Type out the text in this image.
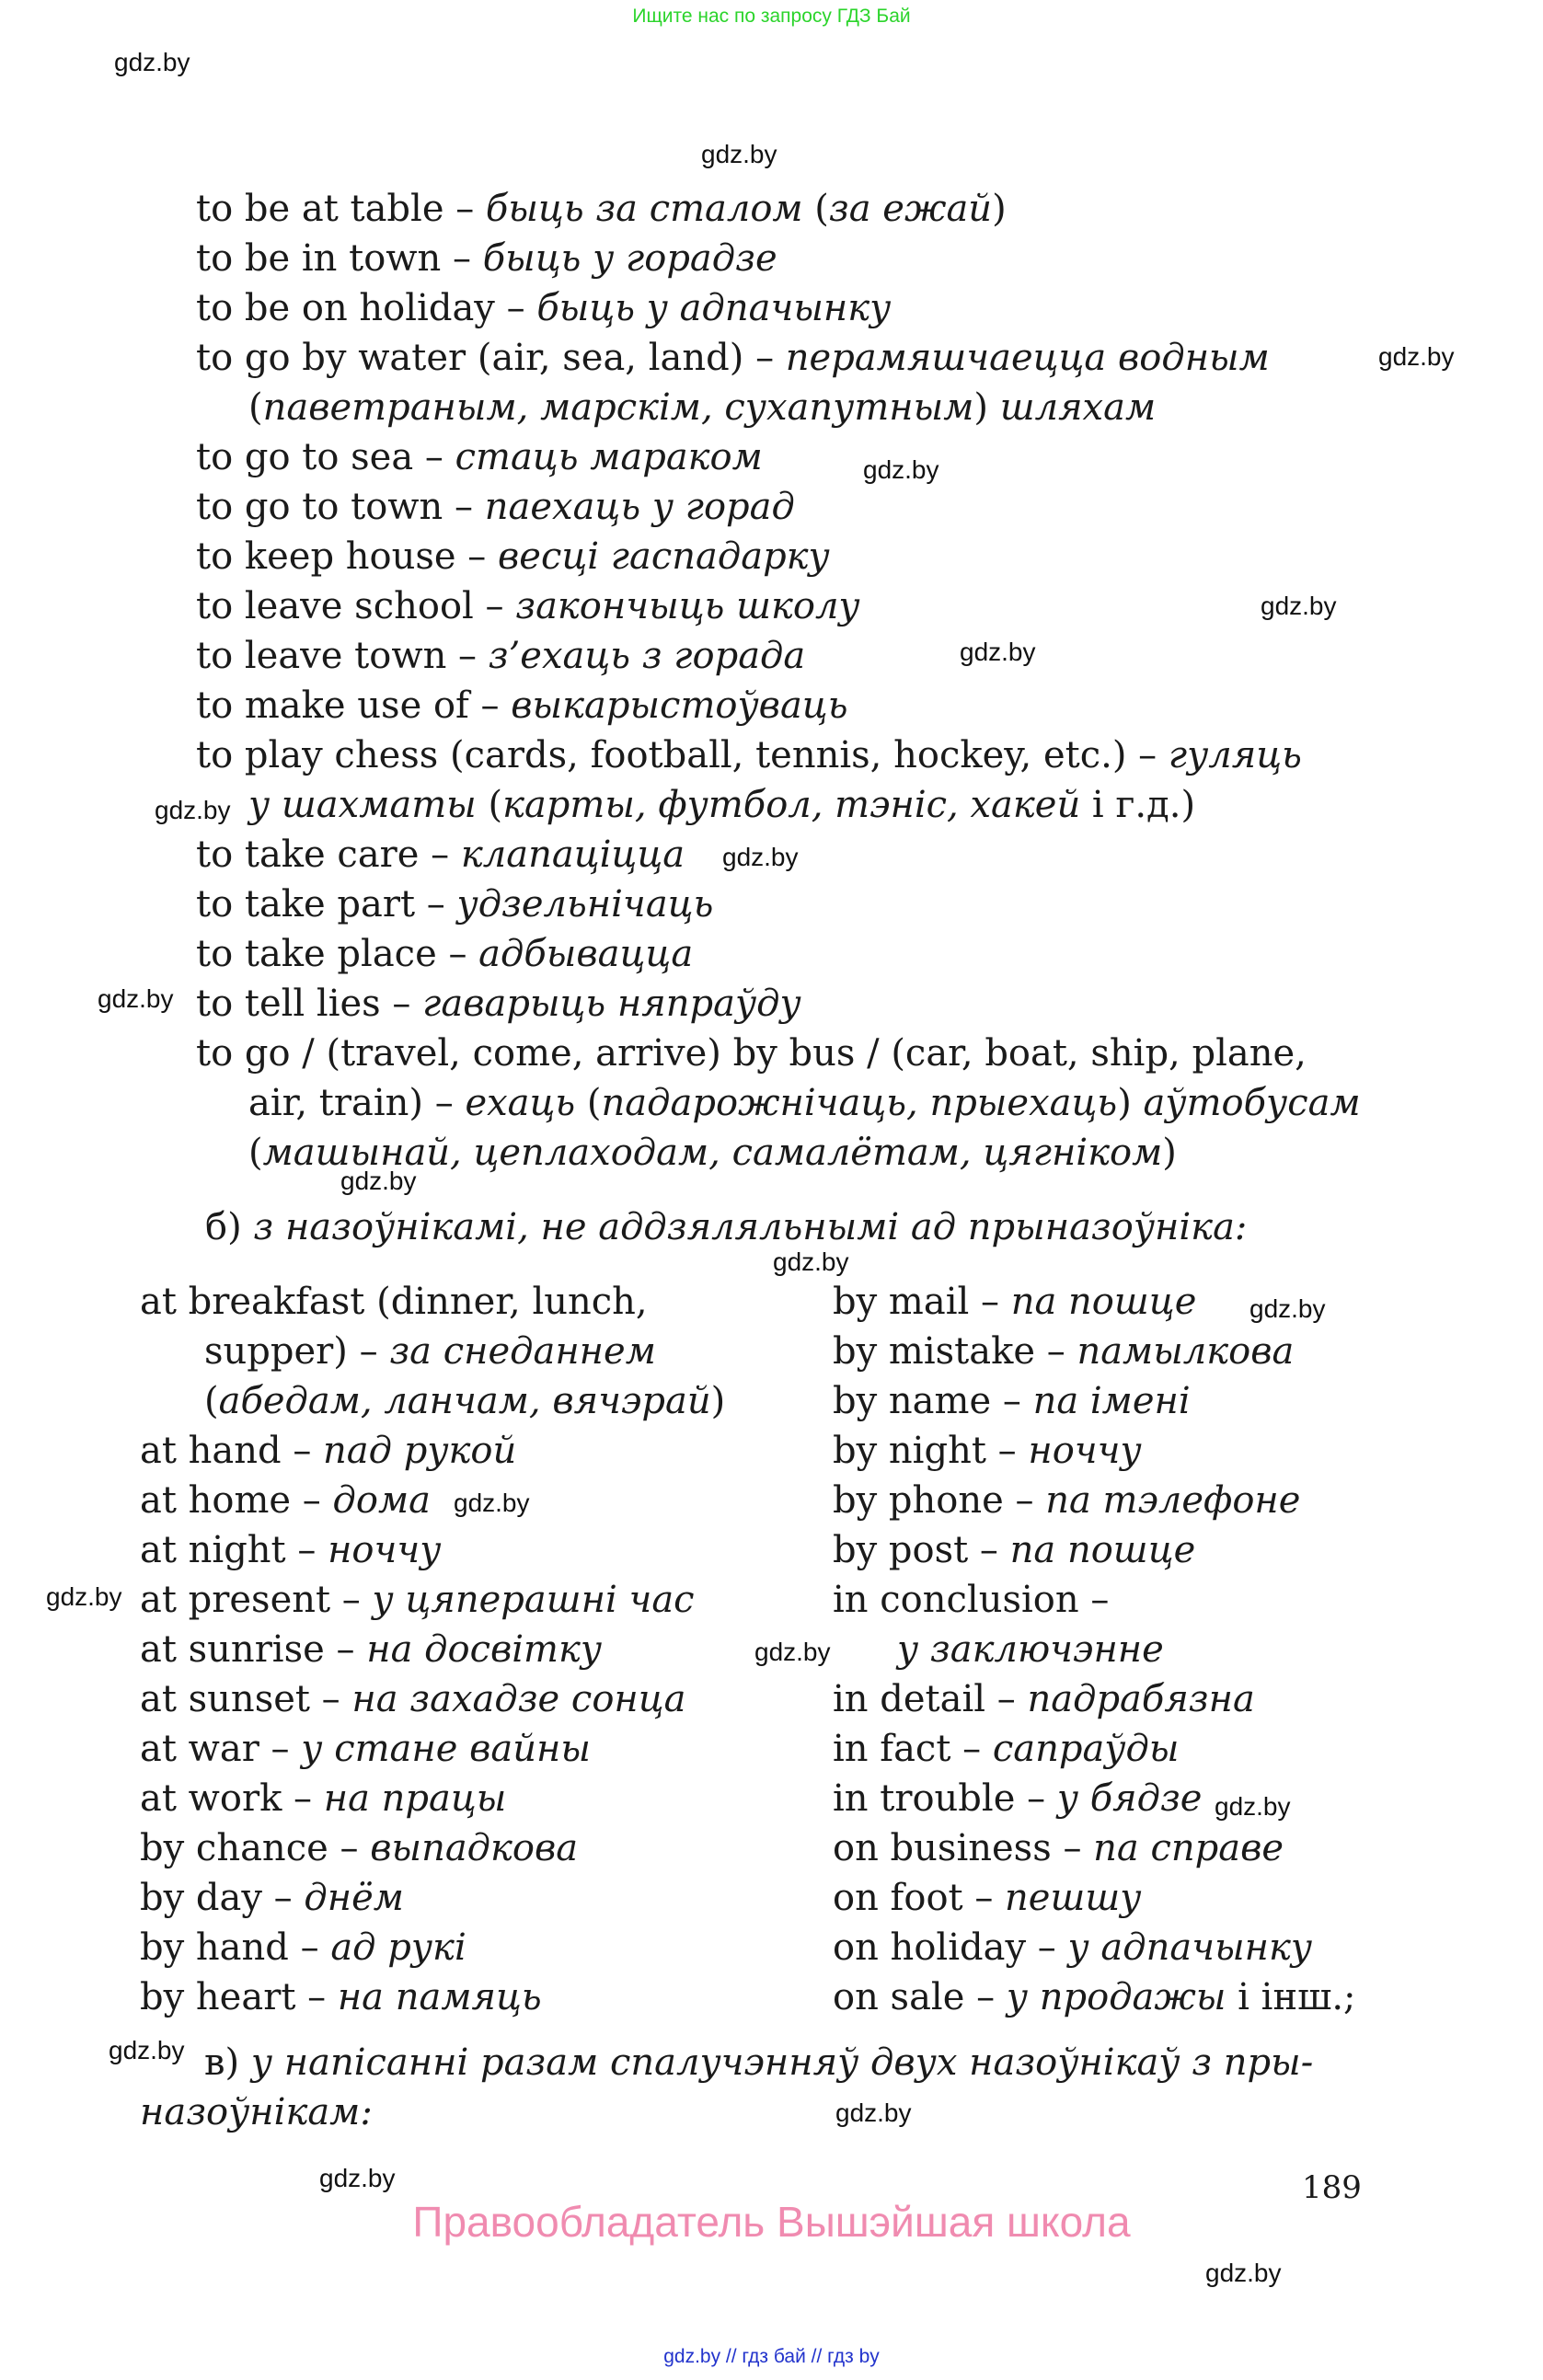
Ищите нас по запросу ГДЗ Бай
gdz.by
gdz.by
gdz.by
gdz.by
gdz.by
gdz.by
gdz.by
gdz.by
gdz.by
gdz.by
gdz.by
gdz.by
gdz.by
gdz.by
gdz.by
gdz.by
gdz.by
gdz.by
gdz.by
gdz.by
to be at table – быць за сталом (за ежай)
to be in town – быць у горадзе
to be on holiday – быць у адпачынку
to go by water (air, sea, land) – перамяшчаецца водным
(паветраным, марскім, сухапутным) шляхам
to go to sea – стаць мараком
to go to town – паехаць у горад
to keep house – весці гаспадарку
to leave school – закончыць школу
to leave town – з’ехаць з горада
to make use of – выкарыстоўваць
to play chess (cards, football, tennis, hockey, etc.) – гуляць
у шахматы (карты, футбол, тэніс, хакей і г.д.)
to take care – клапаціцца
to take part – удзельнічаць
to take place – адбывацца
to tell lies – гаварыць няпраўду
to go / (travel, come, arrive) by bus / (car, boat, ship, plane,
air, train) – ехаць (падарожнічаць, прыехаць) аўтобусам
(машынай, цеплаходам, самалётам, цягніком)
б) з назоўнікамі, не аддзяляльнымі ад прыназоўніка:
at breakfast (dinner, lunch,
supper) – за снеданнем
(абедам, ланчам, вячэрай)
at hand – пад рукой
at home – дома
at night – ноччу
at present – у цяперашні час
at sunrise – на досвітку
at sunset – на захадзе сонца
at war – у стане вайны
at work – на працы
by chance – выпадкова
by day – днём
by hand – ад рукі
by heart – на памяць
by mail – па пошце
by mistake – памылкова
by name – па імені
by night – ноччу
by phone – па тэлефоне
by post – па пошце
in conclusion –
у заключэнне
in detail – падрабязна
in fact – сапраўды
in trouble – у бядзе
on business – па справе
on foot – пешшу
on holiday – у адпачынку
on sale – у продажы і інш.;
в) у напісанні разам спалучэнняў двух назоўнікаў з пры-
назоўнікам:
189
Правообладатель Вышэйшая школа
gdz.by // гдз бай // гдз by
